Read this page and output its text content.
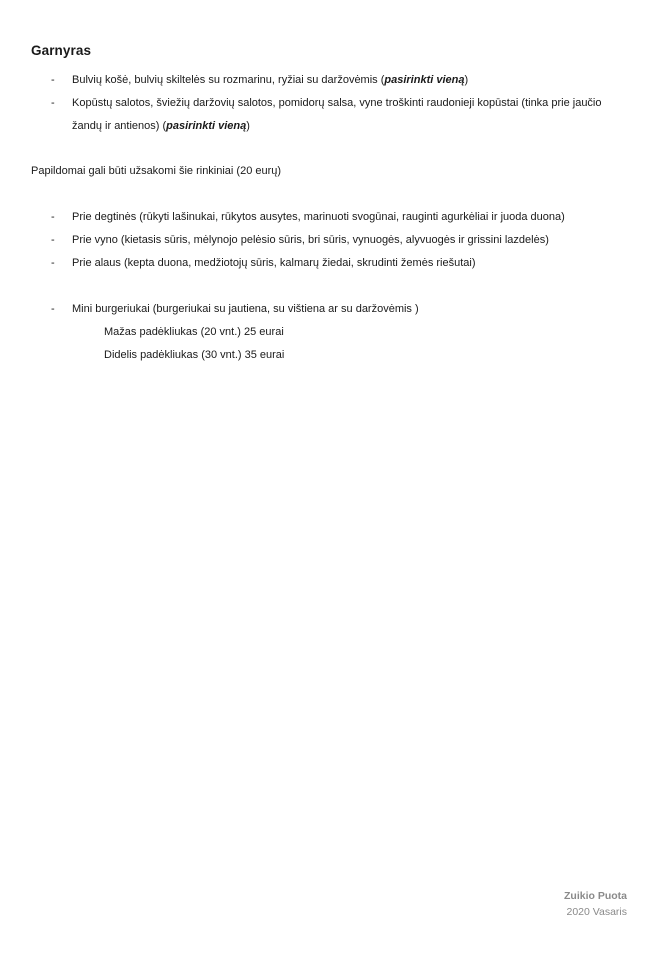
Garnyras
- Bulvių košė, bulvių skiltelės su rozmarinu, ryžiai su daržovėmis (pasirinkti vieną)
- Kopūstų salotos, šviežių daržovių salotos, pomidorų salsa, vyne troškinti raudonieji kopūstai (tinka prie jaučio žandų ir antienos) (pasirinkti vieną)
Papildomai gali būti užsakomi šie rinkiniai (20 eurų)
- Prie degtinės (rūkyti lašinukai, rūkytos ausytes, marinuoti svogūnai, rauginti agurkėliai ir juoda duona)
- Prie vyno (kietasis sūris, mėlynojo pelėsio sūris, bri sūris, vynuogės, alyvuogės ir grissini lazdelės)
- Prie alaus (kepta duona, medžiotojų sūris, kalmarų žiedai, skrudinti žemės riešutai)
- Mini burgeriukai (burgeriukai su jautiena, su vištiena ar su daržovėmis )
Mažas padėkliukas (20 vnt.) 25 eurai
Didelis padėkliukas (30 vnt.) 35 eurai
Zuikio Puota
2020 Vasaris
